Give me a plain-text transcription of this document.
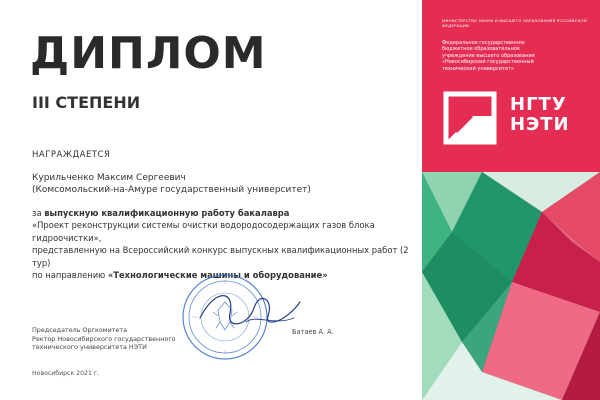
ДИПЛОМ
III СТЕПЕНИ
НАГРАЖДАЕТСЯ
Курильченко Максим Сергеевич
(Комсомольский-на-Амуре государственный университет)
за выпускную квалификационную работу бакалавра
«Проект реконструкции системы очистки водородосодержащих газов блока
гидроочистки»,
представленную на Всероссийский конкурс выпускных квалификационных работ (2 тур)
по направлению «Технологические машины и оборудование»
Председатель Оргкомитета
Ректор Новосибирского государственного
технического университета НЭТИ
Батаев А. А.
Новосибирск 2021 г.
МИНИСТЕРСТВО НАУКИ И ВЫСШЕГО ОБРАЗОВАНИЯ РОССИЙСКОЙ ФЕДЕРАЦИИ
Федеральное государственное
бюджетное образовательное
учреждение высшего образования
«Новосибирский государственный
технический университет»
НГТУ
НЭТИ
